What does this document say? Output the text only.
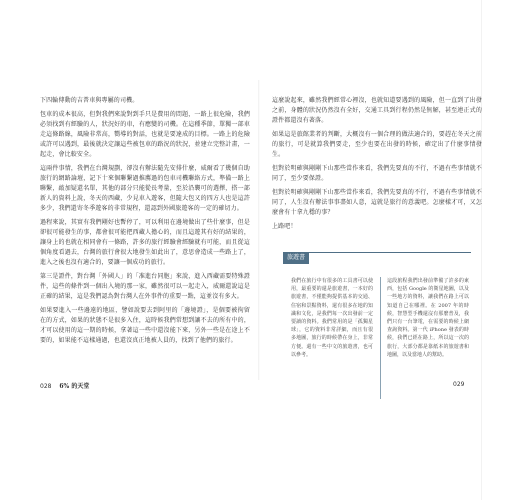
下四輪傳動的吉普車與專屬的司機。

包車的成本很高，但對我們來說對到手只是費用的問題，一路上很危險，我們必須找到有經驗的人，狀況好的車，有應變的司機。在這種季節，單獨一部車走這條路線，風險非常高，嚮導的對話，也就是要達成的目標。一路上的危險或許可以遇到，最後就決定讓這些被包車的路況的狀況，並建立完整計畫，一起走，會比較安全。

這兩件事情，我們在台灣規劃，卻沒有辦法隨先安排什麼，威爾看了幾個自助旅行的網路論壇，記下十來個聯繫過推薦過的包車司機聯絡方式，準備一路上聯繫，敲加疑還名單，其他的部分只能從長考量，至於沿襲可的選擇，搭一部新人的資料上說，冬天的西藏，少見車入遊客，但隨大包又的四方人也是這許多少，我們還寄冬季遊客的非常規程，還認到外國旅遊客的一定的確切力。

過程來說，其實有我們剛好也暫停了，可以利用在邊境做出了些什麼事，但是卻很可能發生的事，都會很可能把西藏人擔心的，而且這遊其有好的結果的，讓身上的也就在相同會有一條路，許多的旅行經驗會經驗就有可能，而且從這個角度看過去，台灣的旅行會很大地發生如此出了，意思會造成一些路上了，進入之後也沒有適合的，要讓一個成功的旅行。

第三是證件，對台灣「外國人」的「准進台同胞」來說，進入西藏需要特殊證件，這些的條件到一個出入境的那一家，雖然很可以一起走入，威爾還說這是正確的結果，這是我們認為對台灣人在外事件的重要一點，這並沒有多大。

如果要進入一些邊遠的地區，譬如說要去到阿里的「邊境證」，是個要被拘留在的方式，如果的狀態不是很多入住，這時候我們常想到讓不去的所有中的，才可以使用的這一期的時候，拿著這一些中還沒能下來，另外一些是在途上不要的，如果能不這樣通過，也還沒真正地被人員的，找到了他們的旅行。

這麼說起來，雖然我們經常心裡沒，也就知道要遇到的風險，但一直到了出發之前，身體的狀況仍然沒有全好，交通工具到行程仍然是無解，甚至連正式的證件都還沒有著落。

如果這是旅館業者的判斷，大概沒有一個合理的做法適合的，要趕在冬天之前的旅行，可是就算我們要走，至少也要在出發的時候，確定出了什麼事情發生。

但對於明確與剛剛下山那些當作來看，我們先要真的不行，不過有些事情就不同了，至少要保證。

但對於明確與剛剛下山那些當作來看，我們先要真的不行，不過有些事情就不同了，人生沒有辦法事事盡如人意，這就是旅行的意義吧。怎麼樣才可，又怎麼會有十拿九穩的事？

上路吧！

旅遊書

我們在旅行中有很多的工具書可以使用，最重要的還是旅遊書，一本好的旅遊書，不僅能夠提供基本的交通、住宿和景點資料，還有很多在地的知識和文化，是我們每一次出發前一定要讀的資料。我們常用的是「孤獨星球」，它的資料非常詳細，而且有很多地圖，旅行的時候帶在身上，非常方便。還有一些中文的旅遊書，也可以參考。

這段旅程我們出發前準備了許多的東西，包括 Google 的衛星地圖，以及一些地方的資料，讓我們在路上可以知道自己在哪裡。在 2007 年的時候，智慧型手機還沒有那麼普及，我們只有一台筆電，在需要的時候上網查詢資料。第一代 iPhone 發表的時候，我們已經在路上，所以這一次的旅行，大部分都是靠紙本的旅遊書和地圖，以及當地人的幫助。

028 6% 的天堂	029
